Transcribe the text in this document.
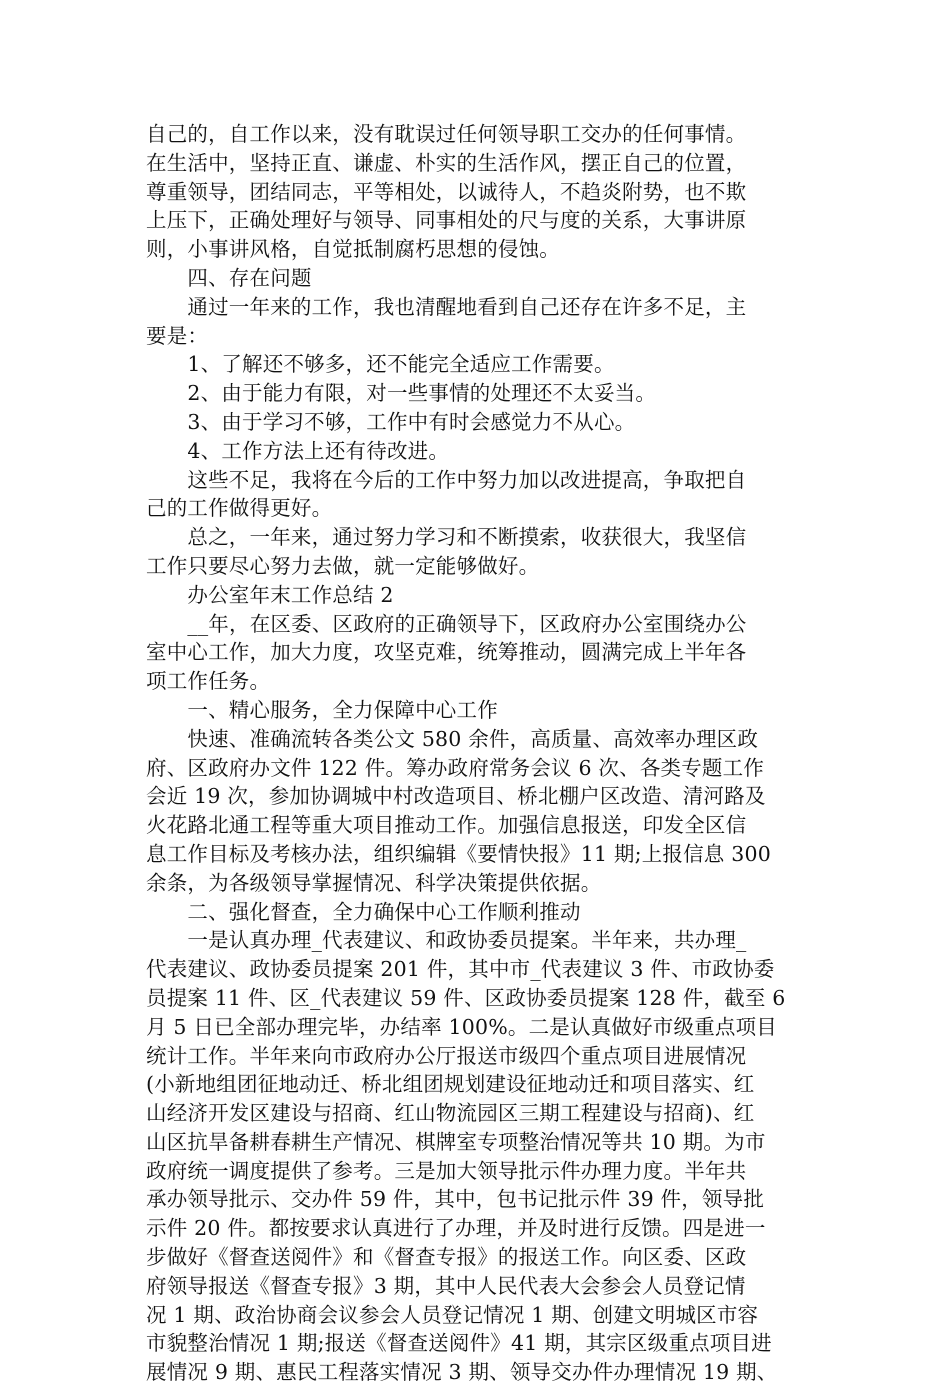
自己的，自工作以来，没有耽误过任何领导职工交办的任何事情。
在生活中，坚持正直、谦虚、朴实的生活作风，摆正自己的位置，
尊重领导，团结同志，平等相处，以诚待人，不趋炎附势，也不欺
上压下，正确处理好与领导、同事相处的尺与度的关系，大事讲原
则，小事讲风格，自觉抵制腐朽思想的侵蚀。
　　四、存在问题
　　通过一年来的工作，我也清醒地看到自己还存在许多不足，主
要是：
　　1、了解还不够多，还不能完全适应工作需要。
　　2、由于能力有限，对一些事情的处理还不太妥当。
　　3、由于学习不够，工作中有时会感觉力不从心。
　　4、工作方法上还有待改进。
　　这些不足，我将在今后的工作中努力加以改进提高，争取把自
己的工作做得更好。
　　总之，一年来，通过努力学习和不断摸索，收获很大，我坚信
工作只要尽心努力去做，就一定能够做好。
　　办公室年末工作总结 2
　　__年，在区委、区政府的正确领导下，区政府办公室围绕办公
室中心工作，加大力度，攻坚克难，统筹推动，圆满完成上半年各
项工作任务。
　　一、精心服务，全力保障中心工作
　　快速、准确流转各类公文 580 余件，高质量、高效率办理区政
府、区政府办文件 122 件。筹办政府常务会议 6 次、各类专题工作
会近 19 次，参加协调城中村改造项目、桥北棚户区改造、清河路及
火花路北通工程等重大项目推动工作。加强信息报送，印发全区信
息工作目标及考核办法，组织编辑《要情快报》11 期;上报信息 300
余条，为各级领导掌握情况、科学决策提供依据。
　　二、强化督查，全力确保中心工作顺利推动
　　一是认真办理_代表建议、和政协委员提案。半年来，共办理_
代表建议、政协委员提案 201 件，其中市_代表建议 3 件、市政协委
员提案 11 件、区_代表建议 59 件、区政协委员提案 128 件，截至 6
月 5 日已全部办理完毕，办结率 100%。二是认真做好市级重点项目
统计工作。半年来向市政府办公厅报送市级四个重点项目进展情况
(小新地组团征地动迁、桥北组团规划建设征地动迁和项目落实、红
山经济开发区建设与招商、红山物流园区三期工程建设与招商)、红
山区抗旱备耕春耕生产情况、棋牌室专项整治情况等共 10 期。为市
政府统一调度提供了参考。三是加大领导批示件办理力度。半年共
承办领导批示、交办件 59 件，其中，包书记批示件 39 件，领导批
示件 20 件。都按要求认真进行了办理，并及时进行反馈。四是进一
步做好《督查送阅件》和《督查专报》的报送工作。向区委、区政
府领导报送《督查专报》3 期，其中人民代表大会参会人员登记情
况 1 期、政治协商会议参会人员登记情况 1 期、创建文明城区市容
市貌整治情况 1 期;报送《督查送阅件》41 期，其宗区级重点项目进
展情况 9 期、惠民工程落实情况 3 期、领导交办件办理情况 19 期、
